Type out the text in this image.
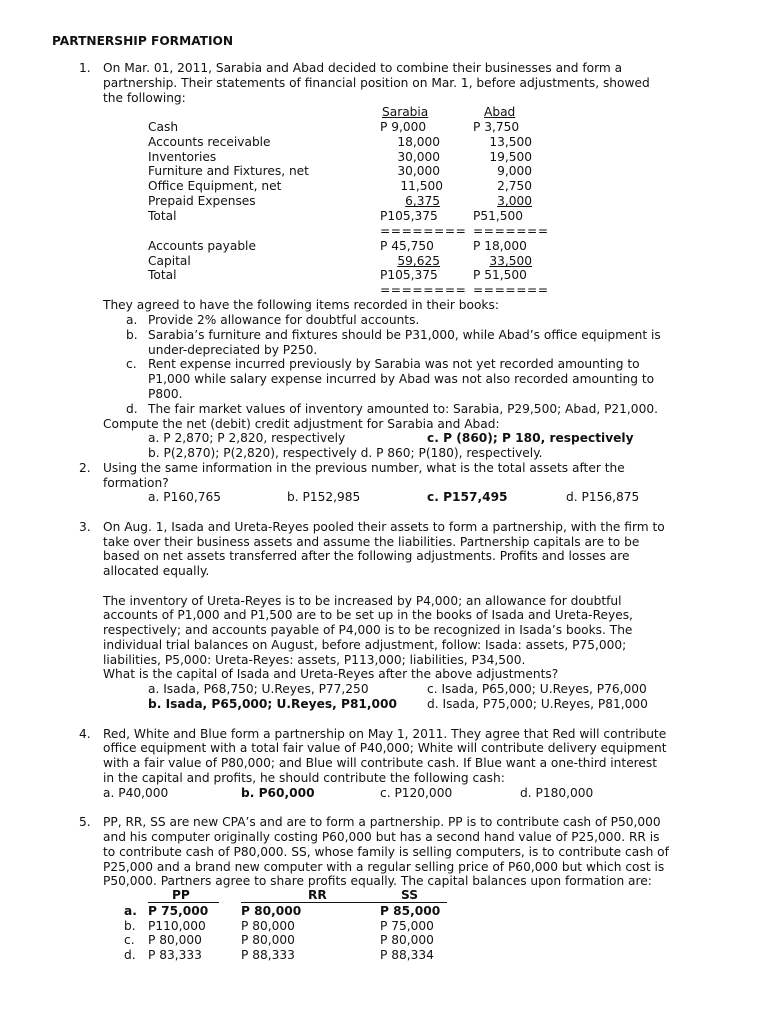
PARTNERSHIP FORMATION
1. On Mar. 01, 2011, Sarabia and Abad decided to combine their businesses and form a
partnership. Their statements of financial position on Mar. 1, before adjustments, showed
the following:
Sarabia	Abad
Cash	P 9,000	P 3,750
Accounts receivable	18,000	13,500
Inventories	30,000	19,500
Furniture and Fixtures, net	30,000	9,000
Office Equipment, net	11,500	2,750
Prepaid Expenses	6,375	3,000
Total	P105,375	P51,500
======== =======
Accounts payable	P 45,750	P 18,000
Capital	59,625	33,500
Total	P105,375	P 51,500
======== =======
They agreed to have the following items recorded in their books:
a. Provide 2% allowance for doubtful accounts.
b. Sarabia’s furniture and fixtures should be P31,000, while Abad’s office equipment is
under-depreciated by P250.
c. Rent expense incurred previously by Sarabia was not yet recorded amounting to
P1,000 while salary expense incurred by Abad was not also recorded amounting to
P800.
d. The fair market values of inventory amounted to: Sarabia, P29,500; Abad, P21,000.
Compute the net (debit) credit adjustment for Sarabia and Abad:
a. P 2,870; P 2,820, respectively	c. P (860); P 180, respectively
b. P(2,870); P(2,820), respectively d. P 860; P(180), respectively.
2. Using the same information in the previous number, what is the total assets after the
formation?
a. P160,765	b. P152,985	c. P157,495	d. P156,875
3. On Aug. 1, Isada and Ureta-Reyes pooled their assets to form a partnership, with the firm to
take over their business assets and assume the liabilities. Partnership capitals are to be
based on net assets transferred after the following adjustments. Profits and losses are
allocated equally.
The inventory of Ureta-Reyes is to be increased by P4,000; an allowance for doubtful
accounts of P1,000 and P1,500 are to be set up in the books of Isada and Ureta-Reyes,
respectively; and accounts payable of P4,000 is to be recognized in Isada’s books. The
individual trial balances on August, before adjustment, follow: Isada: assets, P75,000;
liabilities, P5,000: Ureta-Reyes: assets, P113,000; liabilities, P34,500.
What is the capital of Isada and Ureta-Reyes after the above adjustments?
a. Isada, P68,750; U.Reyes, P77,250	c. Isada, P65,000; U.Reyes, P76,000
b. Isada, P65,000; U.Reyes, P81,000 d. Isada, P75,000; U.Reyes, P81,000
4. Red, White and Blue form a partnership on May 1, 2011. They agree that Red will contribute
office equipment with a total fair value of P40,000; White will contribute delivery equipment
with a fair value of P80,000; and Blue will contribute cash. If Blue want a one-third interest
in the capital and profits, he should contribute the following cash:
a. P40,000	b. P60,000	c. P120,000	d. P180,000
5. PP, RR, SS are new CPA’s and are to form a partnership. PP is to contribute cash of P50,000
and his computer originally costing P60,000 but has a second hand value of P25,000. RR is
to contribute cash of P80,000. SS, whose family is selling computers, is to contribute cash of
P25,000 and a brand new computer with a regular selling price of P60,000 but which cost is
P50,000. Partners agree to share profits equally. The capital balances upon formation are:
PP	RR	SS
a. P 75,000	P 80,000	P 85,000
b. P110,000	P 80,000	P 75,000
c. P 80,000	P 80,000	P 80,000
d. P 83,333	P 88,333	P 88,334
